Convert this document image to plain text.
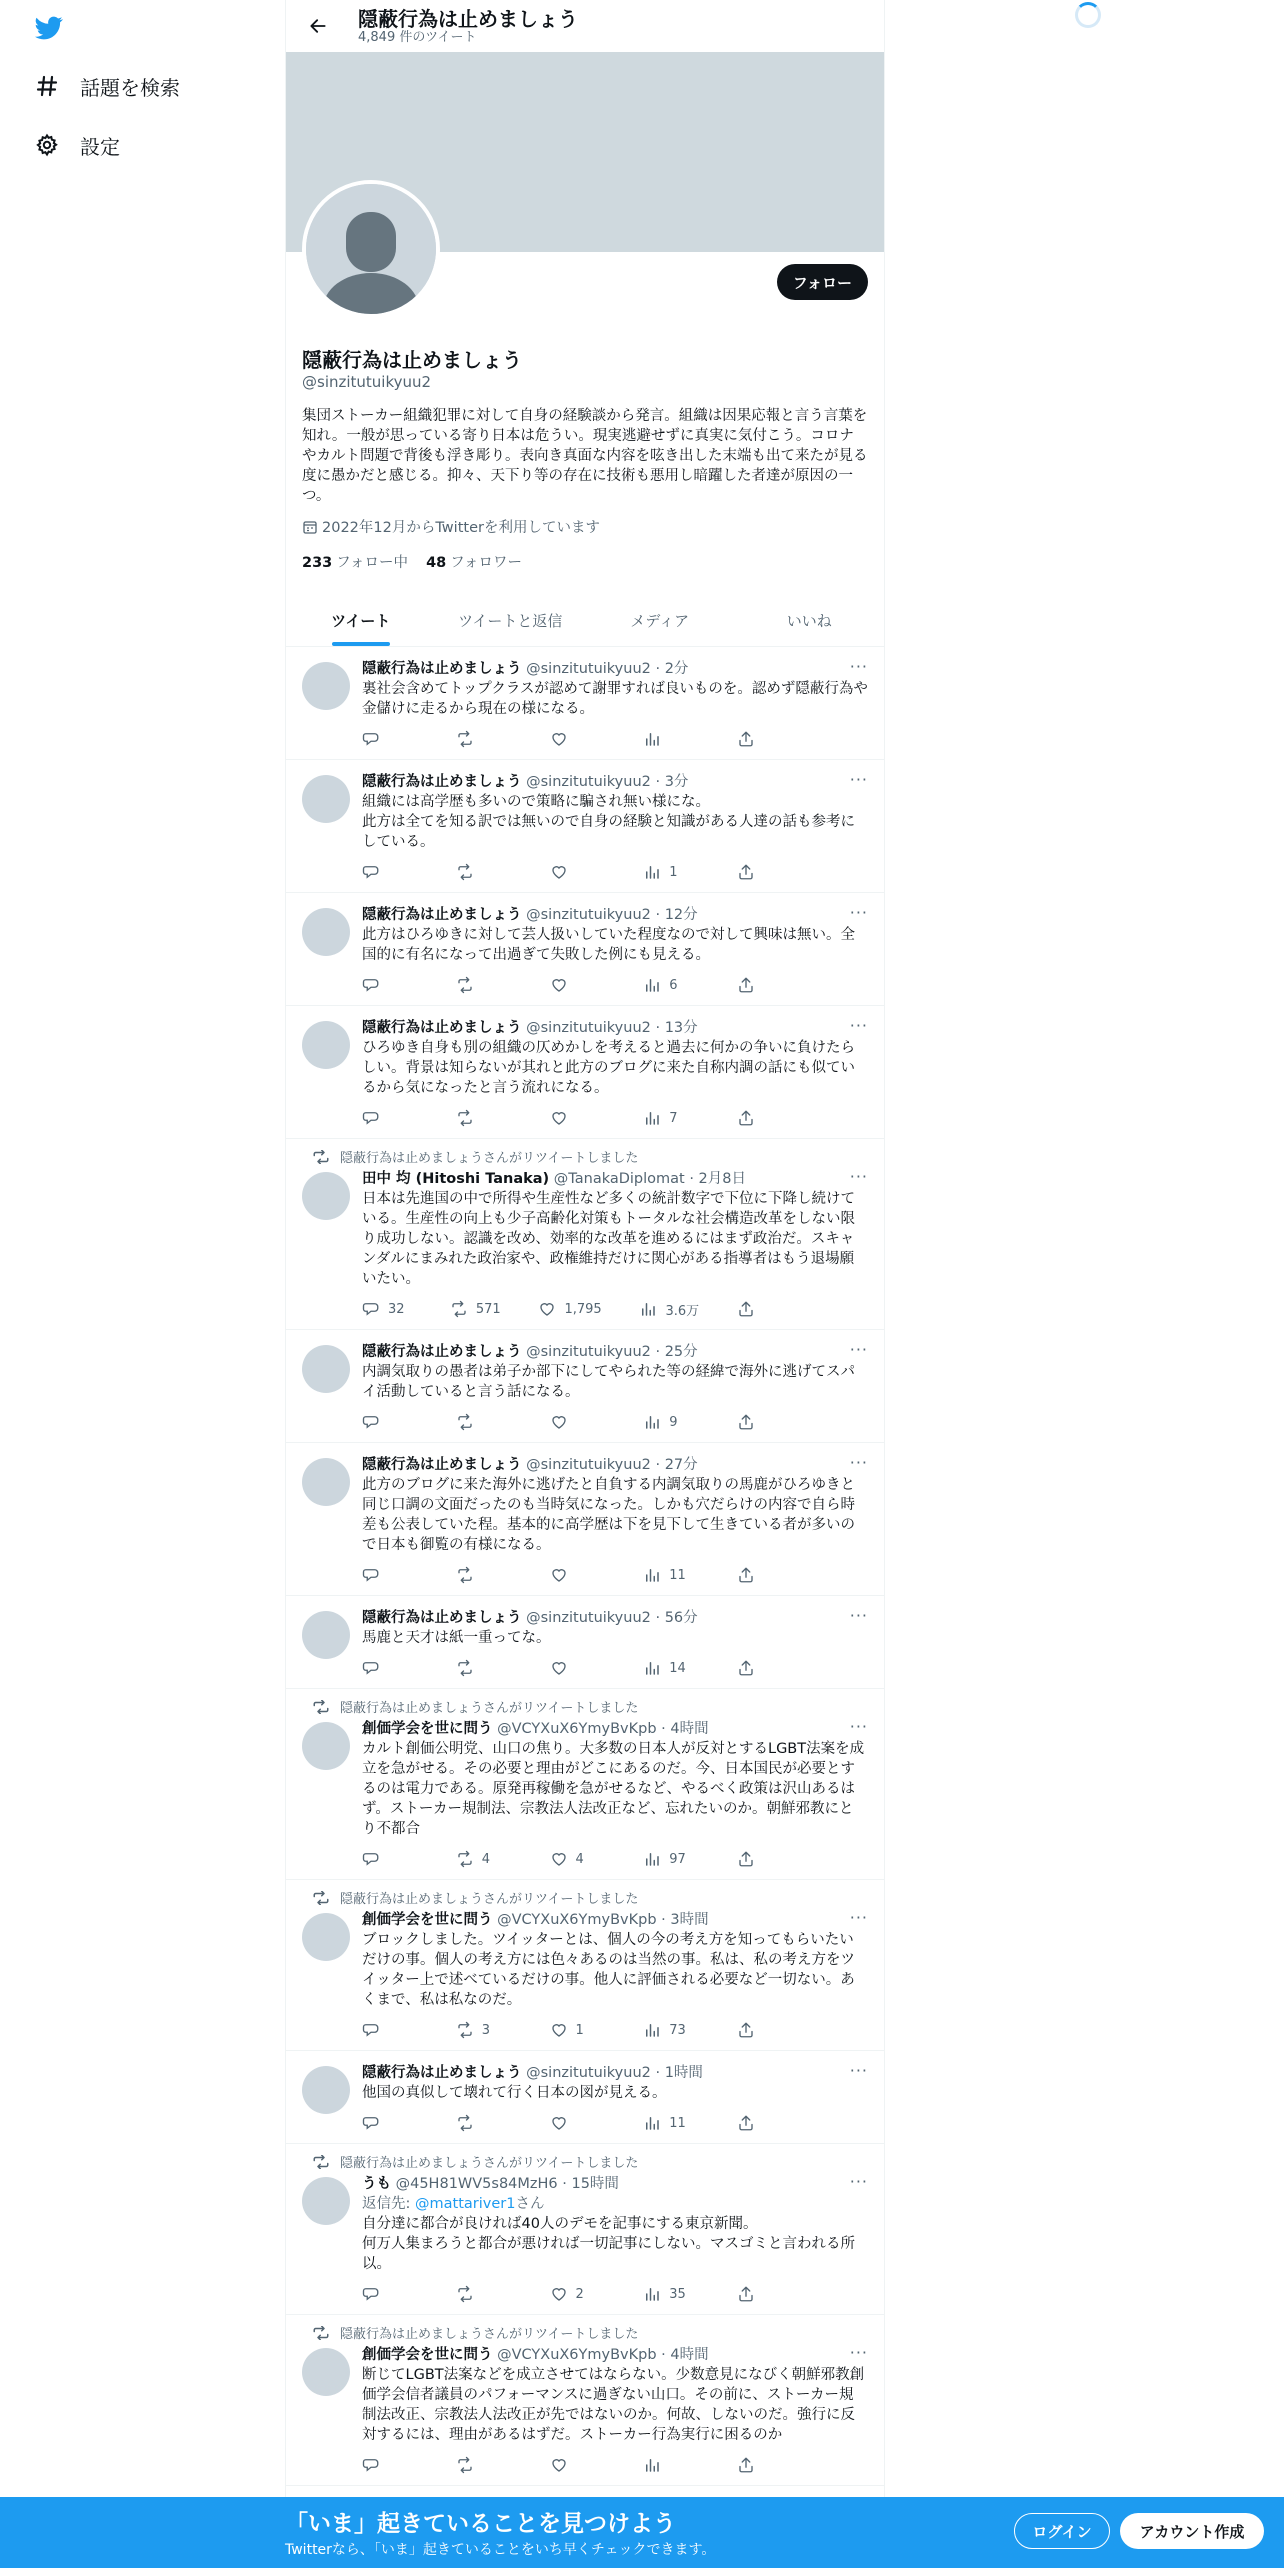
話題を検索
設定
隠蔽行為は止めましょう
4,849 件のツイート
フォロー
隠蔽行為は止めましょう
@sinzitutuikyuu2
集団ストーカー組織犯罪に対して自身の経験談から発言。組織は因果応報と言う言葉を知れ。一般が思っている寄り日本は危うい。現実逃避せずに真実に気付こう。コロナやカルト問題で背後も浮き彫り。表向き真面な内容を呟き出した末端も出て来たが見る度に愚かだと感じる。抑々、天下り等の存在に技術も悪用し暗躍した者達が原因の一つ。
2022年12月からTwitterを利用しています
233 フォロー中 48 フォロワー
ツイート	ツイートと返信	メディア	いいね
隠蔽行為は止めましょう @sinzitutuikyuu2 · 2分	···
裏社会含めてトップクラスが認めて謝罪すれば良いものを。認めず隠蔽行為や金儲けに走るから現在の様になる。
隠蔽行為は止めましょう @sinzitutuikyuu2 · 3分	···
組織には高学歴も多いので策略に騙され無い様にな。
此方は全てを知る訳では無いので自身の経験と知識がある人達の話も参考にしている。
1
隠蔽行為は止めましょう @sinzitutuikyuu2 · 12分	···
此方はひろゆきに対して芸人扱いしていた程度なので対して興味は無い。全国的に有名になって出過ぎて失敗した例にも見える。
6
隠蔽行為は止めましょう @sinzitutuikyuu2 · 13分	···
ひろゆき自身も別の組織の仄めかしを考えると過去に何かの争いに負けたらしい。背景は知らないが其れと此方のブログに来た自称内調の話にも似ているから気になったと言う流れになる。
7
隠蔽行為は止めましょうさんがリツイートしました
田中 均 (Hitoshi Tanaka) @TanakaDiplomat · 2月8日	···
日本は先進国の中で所得や生産性など多くの統計数字で下位に下降し続けている。生産性の向上も少子高齢化対策もトータルな社会構造改革をしない限り成功しない。認識を改め、効率的な改革を進めるにはまず政治だ。スキャンダルにまみれた政治家や、政権維持だけに関心がある指導者はもう退場願いたい。
32	571	1,795	3.6万
隠蔽行為は止めましょう @sinzitutuikyuu2 · 25分	···
内調気取りの愚者は弟子か部下にしてやられた等の経緯で海外に逃げてスパイ活動していると言う話になる。
9
隠蔽行為は止めましょう @sinzitutuikyuu2 · 27分	···
此方のブログに来た海外に逃げたと自負する内調気取りの馬鹿がひろゆきと同じ口調の文面だったのも当時気になった。しかも穴だらけの内容で自ら時差も公表していた程。基本的に高学歴は下を見下して生きている者が多いので日本も御覧の有様になる。
11
隠蔽行為は止めましょう @sinzitutuikyuu2 · 56分	···
馬鹿と天才は紙一重ってな。
14
隠蔽行為は止めましょうさんがリツイートしました
創価学会を世に問う @VCYXuX6YmyBvKpb · 4時間	···
カルト創価公明党、山口の焦り。大多数の日本人が反対とするLGBT法案を成立を急がせる。その必要と理由がどこにあるのだ。今、日本国民が必要とするのは電力である。原発再稼働を急がせるなど、やるべく政策は沢山あるはず。ストーカー規制法、宗教法人法改正など、忘れたいのか。朝鮮邪教にとり不都合
4	4	97
隠蔽行為は止めましょうさんがリツイートしました
創価学会を世に問う @VCYXuX6YmyBvKpb · 3時間	···
ブロックしました。ツイッターとは、個人の今の考え方を知ってもらいたいだけの事。個人の考え方には色々あるのは当然の事。私は、私の考え方をツイッター上で述べているだけの事。他人に評価される必要など一切ない。あくまで、私は私なのだ。
3	1	73
隠蔽行為は止めましょう @sinzitutuikyuu2 · 1時間	···
他国の真似して壊れて行く日本の図が見える。
11
隠蔽行為は止めましょうさんがリツイートしました
うも @45H81WV5s84MzH6 · 15時間	···
返信先: @mattariver1さん
自分達に都合が良ければ40人のデモを記事にする東京新聞。
何万人集まろうと都合が悪ければ一切記事にしない。マスゴミと言われる所以。
2	35
隠蔽行為は止めましょうさんがリツイートしました
創価学会を世に問う @VCYXuX6YmyBvKpb · 4時間	···
断じてLGBT法案などを成立させてはならない。少数意見になびく朝鮮邪教創価学会信者議員のパフォーマンスに過ぎない山口。その前に、ストーカー規制法改正、宗教法人法改正が先ではないのか。何故、しないのだ。強行に反対するには、理由があるはずだ。ストーカー行為実行に困るのか
「いま」起きていることを見つけよう
Twitterなら、「いま」起きていることをいち早くチェックできます。
ログイン	アカウント作成
